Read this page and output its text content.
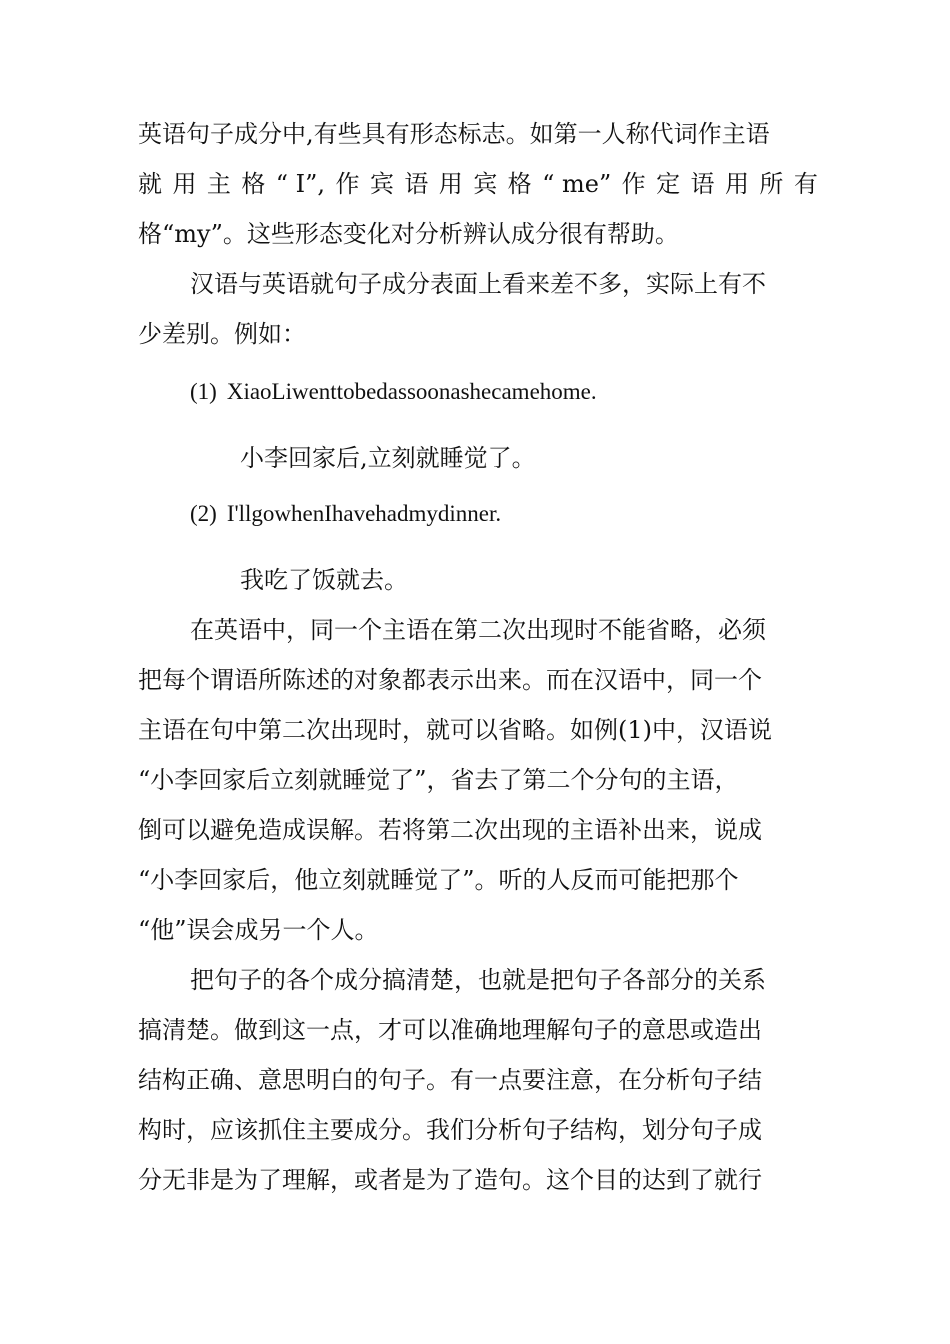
英语句子成分中,有些具有形态标志。如第一人称代词作主语
就 用 主 格 “ I”, 作 宾 语 用 宾 格 “ me” 作 定 语 用 所 有
格“my”。这些形态变化对分析辨认成分很有帮助。
汉语与英语就句子成分表面上看来差不多，实际上有不
少差别。例如：
(1) XiaoLiwenttobedassoonashecamehome.
小李回家后,立刻就睡觉了。
(2) I'llgowhenIhavehadmydinner.
我吃了饭就去。
在英语中，同一个主语在第二次出现时不能省略，必须
把每个谓语所陈述的对象都表示出来。而在汉语中，同一个
主语在句中第二次出现时，就可以省略。如例(1)中，汉语说
“小李回家后立刻就睡觉了”，省去了第二个分句的主语，
倒可以避免造成误解。若将第二次出现的主语补出来，说成
“小李回家后，他立刻就睡觉了”。听的人反而可能把那个
“他”误会成另一个人。
把句子的各个成分搞清楚，也就是把句子各部分的关系
搞清楚。做到这一点，才可以准确地理解句子的意思或造出
结构正确、意思明白的句子。有一点要注意，在分析句子结
构时，应该抓住主要成分。我们分析句子结构，划分句子成
分无非是为了理解，或者是为了造句。这个目的达到了就行
